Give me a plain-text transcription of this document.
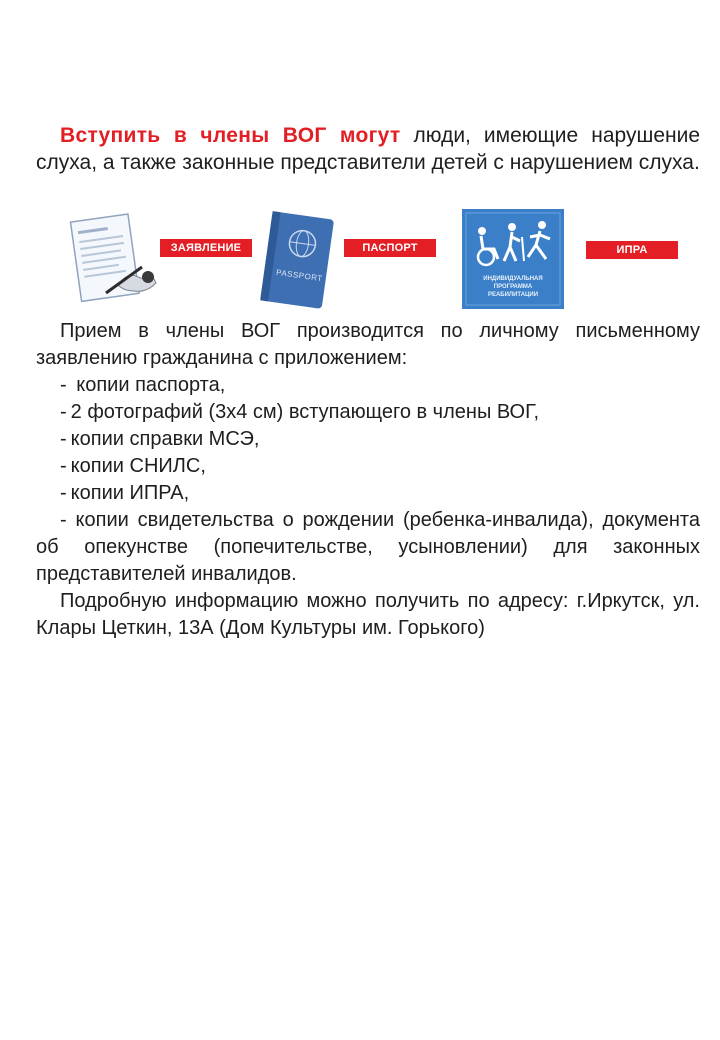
Вступить в члены ВОГ могут люди, имеющие нарушение слуха, а также законные представители детей с нарушением слуха.

ЗАЯВЛЕНИЕ
PASSPORT
ПАСПОРТ
ИНДИВИДУАЛЬНАЯ
ПРОГРАММА
РЕАБИЛИТАЦИИ
ИПРА

Прием в члены ВОГ производится по личному письменному заявлению гражданина с приложением:

- копии паспорта,
- 2 фотографий (3х4 см) вступающего в члены ВОГ,
- копии справки МСЭ,
- копии СНИЛС,
- копии ИПРА,

- копии свидетельства о рождении (ребенка-инвалида), документа об опекунстве (попечительстве, усыновлении) для законных представителей инвалидов.

Подробную информацию можно получить по адресу: г.Иркутск, ул. Клары Цеткин, 13А (Дом Культуры им. Горького)
